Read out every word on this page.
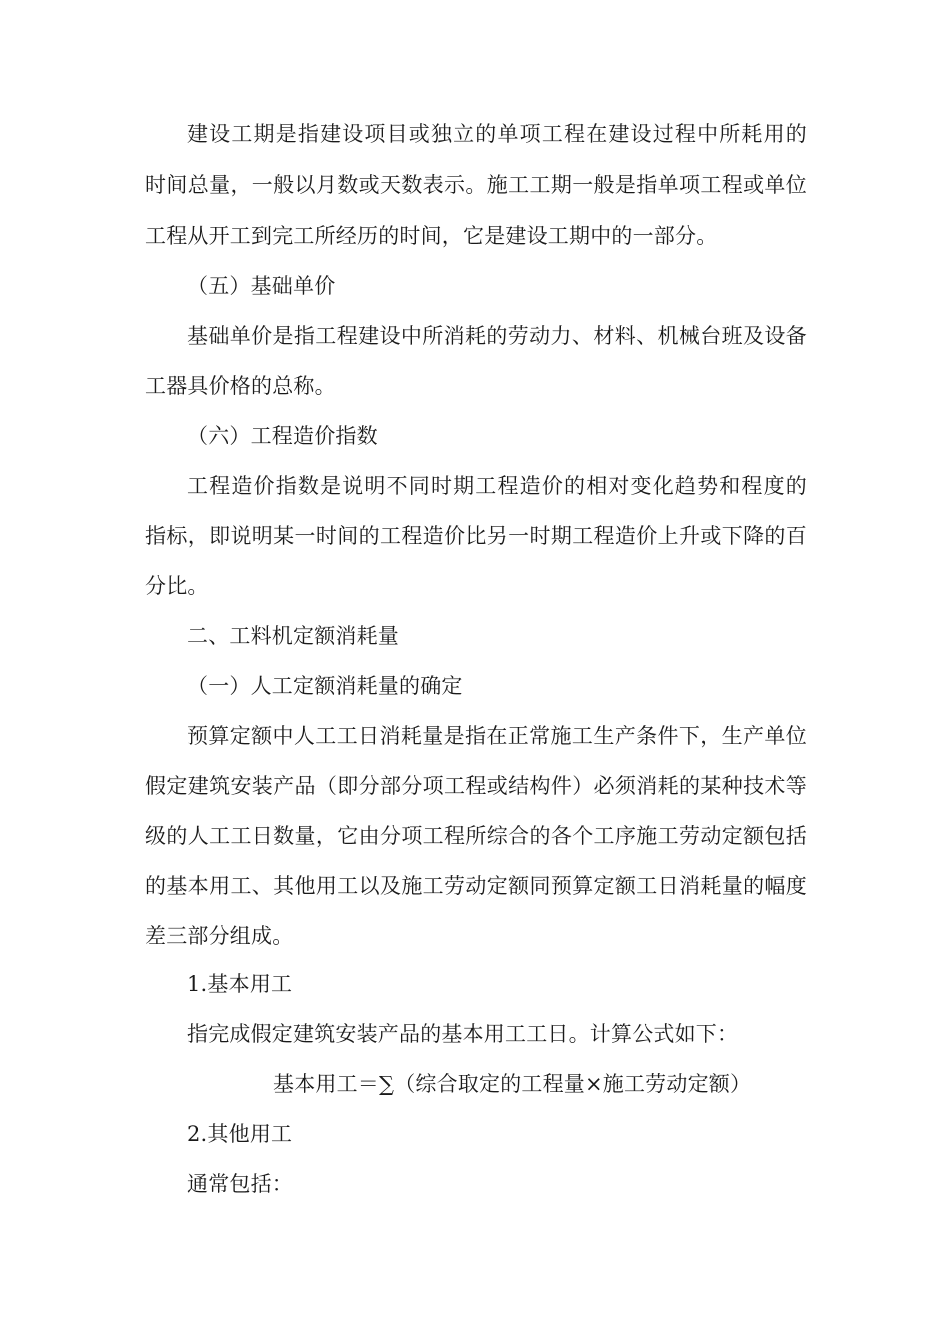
建设工期是指建设项目或独立的单项工程在建设过程中所耗用的
时间总量，一般以月数或天数表示。施工工期一般是指单项工程或单位
工程从开工到完工所经历的时间，它是建设工期中的一部分。
（五）基础单价
基础单价是指工程建设中所消耗的劳动力、材料、机械台班及设备
工器具价格的总称。
（六）工程造价指数
工程造价指数是说明不同时期工程造价的相对变化趋势和程度的
指标，即说明某一时间的工程造价比另一时期工程造价上升或下降的百
分比。
二、工料机定额消耗量
（一）人工定额消耗量的确定
预算定额中人工工日消耗量是指在正常施工生产条件下，生产单位
假定建筑安装产品（即分部分项工程或结构件）必须消耗的某种技术等
级的人工工日数量，它由分项工程所综合的各个工序施工劳动定额包括
的基本用工、其他用工以及施工劳动定额同预算定额工日消耗量的幅度
差三部分组成。
1.基本用工
指完成假定建筑安装产品的基本用工工日。计算公式如下：
基本用工＝∑（综合取定的工程量×施工劳动定额）
2.其他用工
通常包括：
